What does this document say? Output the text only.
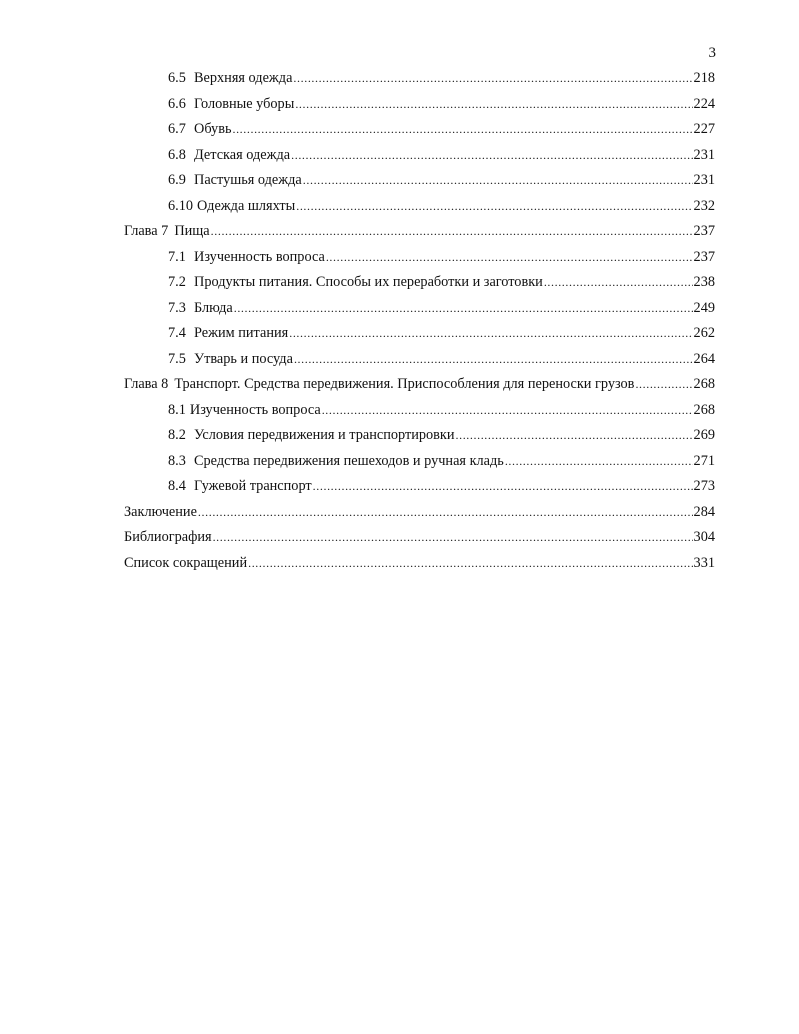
3
6.5 Верхняя одежда .....	218
6.6 Головные уборы .....	224
6.7 Обувь .....	227
6.8 Детская одежда .....	231
6.9 Пастушья одежда .....	231
6.10 Одежда шляхты .....	232
Глава 7 Пища .....	237
7.1 Изученность вопроса .....	237
7.2 Продукты питания. Способы их переработки и заготовки .....	238
7.3 Блюда .....	249
7.4 Режим питания .....	262
7.5 Утварь и посуда .....	264
Глава 8 Транспорт. Средства передвижения. Приспособления для переноски грузов .....	268
8.1 Изученность вопроса .....	268
8.2 Условия передвижения и транспортировки .....	269
8.3 Средства передвижения пешеходов и ручная кладь .....	271
8.4 Гужевой транспорт .....	273
Заключение .....	284
Библиография .....	304
Список сокращений .....	331
